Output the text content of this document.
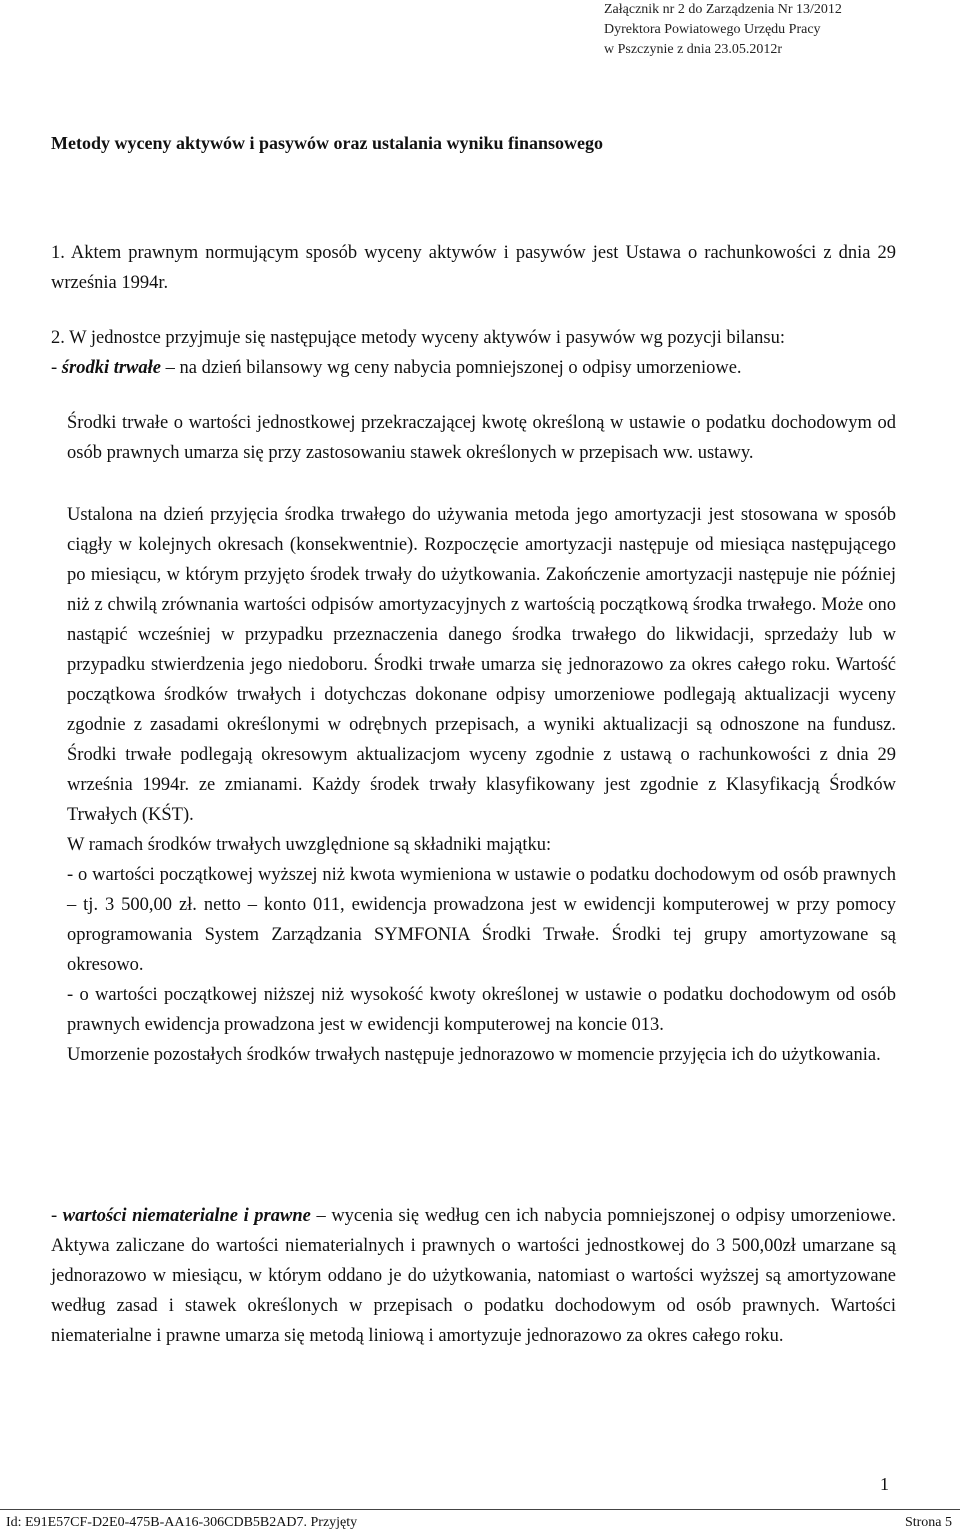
Załącznik nr 2 do Zarządzenia Nr 13/2012
Dyrektora Powiatowego Urzędu Pracy
w Pszczynie z dnia 23.05.2012r
Metody wyceny aktywów i pasywów oraz ustalania wyniku finansowego
1. Aktem prawnym normującym sposób wyceny aktywów i pasywów jest Ustawa o rachunkowości z dnia 29 września 1994r.
2. W jednostce przyjmuje się następujące metody wyceny aktywów i pasywów wg pozycji bilansu:
- środki trwałe – na dzień bilansowy wg ceny nabycia pomniejszonej o odpisy umorzeniowe.
Środki trwałe o wartości jednostkowej przekraczającej kwotę określoną w ustawie o podatku dochodowym od osób prawnych umarza się przy zastosowaniu stawek określonych w przepisach ww. ustawy.
Ustalona na dzień przyjęcia środka trwałego do używania metoda jego amortyzacji jest stosowana w sposób ciągły w kolejnych okresach (konsekwentnie). Rozpoczęcie amortyzacji następuje od miesiąca następującego po miesiącu, w którym przyjęto środek trwały do użytkowania. Zakończenie amortyzacji następuje nie później niż z chwilą zrównania wartości odpisów amortyzacyjnych z wartością początkową środka trwałego. Może ono nastąpić wcześniej w przypadku przeznaczenia danego środka trwałego do likwidacji, sprzedaży lub w przypadku stwierdzenia jego niedoboru. Środki trwałe umarza się jednorazowo za okres całego roku. Wartość początkowa środków trwałych i dotychczas dokonane odpisy umorzeniowe podlegają aktualizacji wyceny zgodnie z zasadami określonymi w odrębnych przepisach, a wyniki aktualizacji są odnoszone na fundusz. Środki trwałe podlegają okresowym aktualizacjom wyceny zgodnie z ustawą o rachunkowości z dnia 29 września 1994r. ze zmianami. Każdy środek trwały klasyfikowany jest zgodnie z Klasyfikacją Środków Trwałych (KŚT).
W ramach środków trwałych uwzględnione są składniki majątku:
- o wartości początkowej wyższej niż kwota wymieniona w ustawie o podatku dochodowym od osób prawnych – tj. 3 500,00 zł. netto – konto 011, ewidencja prowadzona jest w ewidencji komputerowej w przy pomocy oprogramowania System Zarządzania SYMFONIA Środki Trwałe. Środki tej grupy amortyzowane są okresowo.
- o wartości początkowej niższej niż wysokość kwoty określonej w ustawie o podatku dochodowym od osób prawnych ewidencja prowadzona jest w ewidencji komputerowej na koncie 013.
Umorzenie pozostałych środków trwałych następuje jednorazowo w momencie przyjęcia ich do użytkowania.
- wartości niematerialne i prawne – wycenia się według cen ich nabycia pomniejszonej o odpisy umorzeniowe. Aktywa zaliczane do wartości niematerialnych i prawnych o wartości jednostkowej do 3 500,00zł umarzane są jednorazowo w miesiącu, w którym oddano je do użytkowania, natomiast o wartości wyższej są amortyzowane według zasad i stawek określonych w przepisach o podatku dochodowym od osób prawnych. Wartości niematerialne i prawne umarza się metodą liniową i amortyzuje jednorazowo za okres całego roku.
1
Id: E91E57CF-D2E0-475B-AA16-306CDB5B2AD7. Przyjęty	Strona 5
